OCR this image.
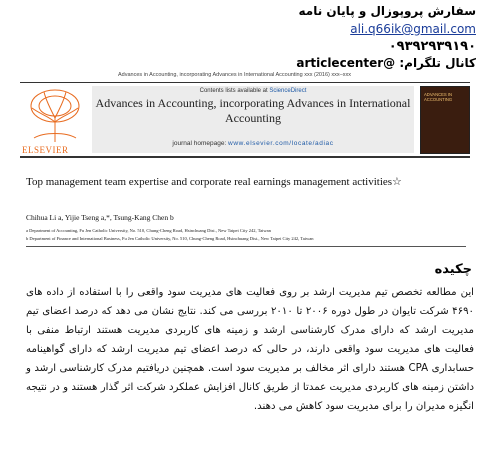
سفارش پروپوزال و پایان نامه
ali.q66ik@gmail.com
۰۹۳۹۲۹۳۹۱۹۰
کانال تلگرام: @articlecenter
Advances in Accounting, incorporating Advances in International Accounting xxx (2016) xxx–xxx
ELSEVIER
Contents lists available at ScienceDirect
Advances in Accounting, incorporating Advances in International Accounting
journal homepage: www.elsevier.com/locate/adiac
ADVANCES IN ACCOUNTING
Top management team expertise and corporate real earnings management activities☆
Chihua Li a, Yijie Tseng a,*, Tsung-Kang Chen b
a Department of Accounting, Fu Jen Catholic University, No. 510, Chung-Cheng Road, Hsinchuang Dist., New Taipei City 242, Taiwan
b Department of Finance and International Business, Fu Jen Catholic University, No. 510, Chung-Cheng Road, Hsinchuang Dist., New Taipei City 242, Taiwan
چکیده
این مطالعه تخصص تیم مدیریت ارشد بر روی فعالیت های مدیریت سود واقعی را با استفاده از داده های ۴۶۹۰ شرکت تایوان در طول دوره ۲۰۰۶ تا ۲۰۱۰ بررسی می کند. نتایج نشان می دهد که درصد اعضای تیم مدیریت ارشد که دارای مدرک کارشناسی ارشد و زمینه های کاربردی مدیریت هستند ارتباط منفی با فعالیت های مدیریت سود واقعی دارند، در حالی که درصد اعضای تیم مدیریت ارشد که دارای گواهینامه حسابداری CPA هستند دارای اثر مخالف بر مدیریت سود است. همچنین دریافتیم مدرک کارشناسی ارشد و داشتن زمینه های کاربردی مدیریت عمدتا از طریق کانال افزایش عملکرد شرکت اثر گذار هستند و در نتیجه انگیزه مدیران را برای مدیریت سود کاهش می دهند.
